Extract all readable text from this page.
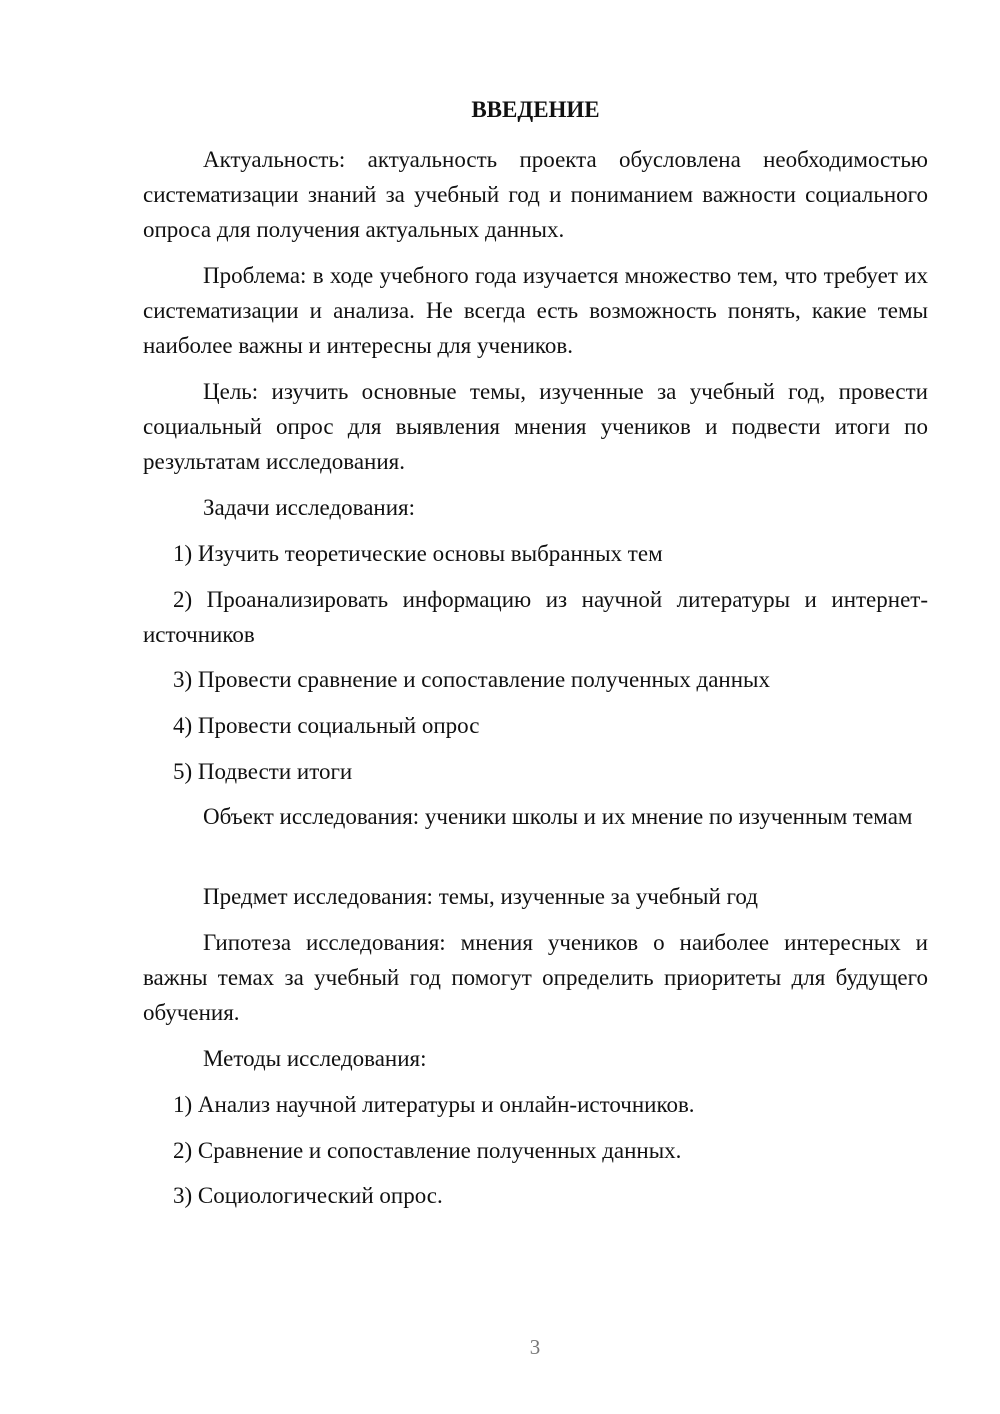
ВВЕДЕНИЕ

Актуальность: актуальность проекта обусловлена необходимостью систематизации знаний за учебный год и пониманием важности социального опроса для получения актуальных данных.

Проблема: в ходе учебного года изучается множество тем, что требует их систематизации и анализа. Не всегда есть возможность понять, какие темы наиболее важны и интересны для учеников.

Цель: изучить основные темы, изученные за учебный год, провести социальный опрос для выявления мнения учеников и подвести итоги по результатам исследования.

Задачи исследования:

1) Изучить теоретические основы выбранных тем

2) Проанализировать информацию из научной литературы и интернет-источников

3) Провести сравнение и сопоставление полученных данных

4) Провести социальный опрос

5) Подвести итоги

Объект исследования: ученики школы и их мнение по изученным темам

Предмет исследования: темы, изученные за учебный год

Гипотеза исследования: мнения учеников о наиболее интересных и важны темах за учебный год помогут определить приоритеты для будущего обучения.

Методы исследования:

1) Анализ научной литературы и онлайн-источников.

2) Сравнение и сопоставление полученных данных.

3) Социологический опрос.

3
